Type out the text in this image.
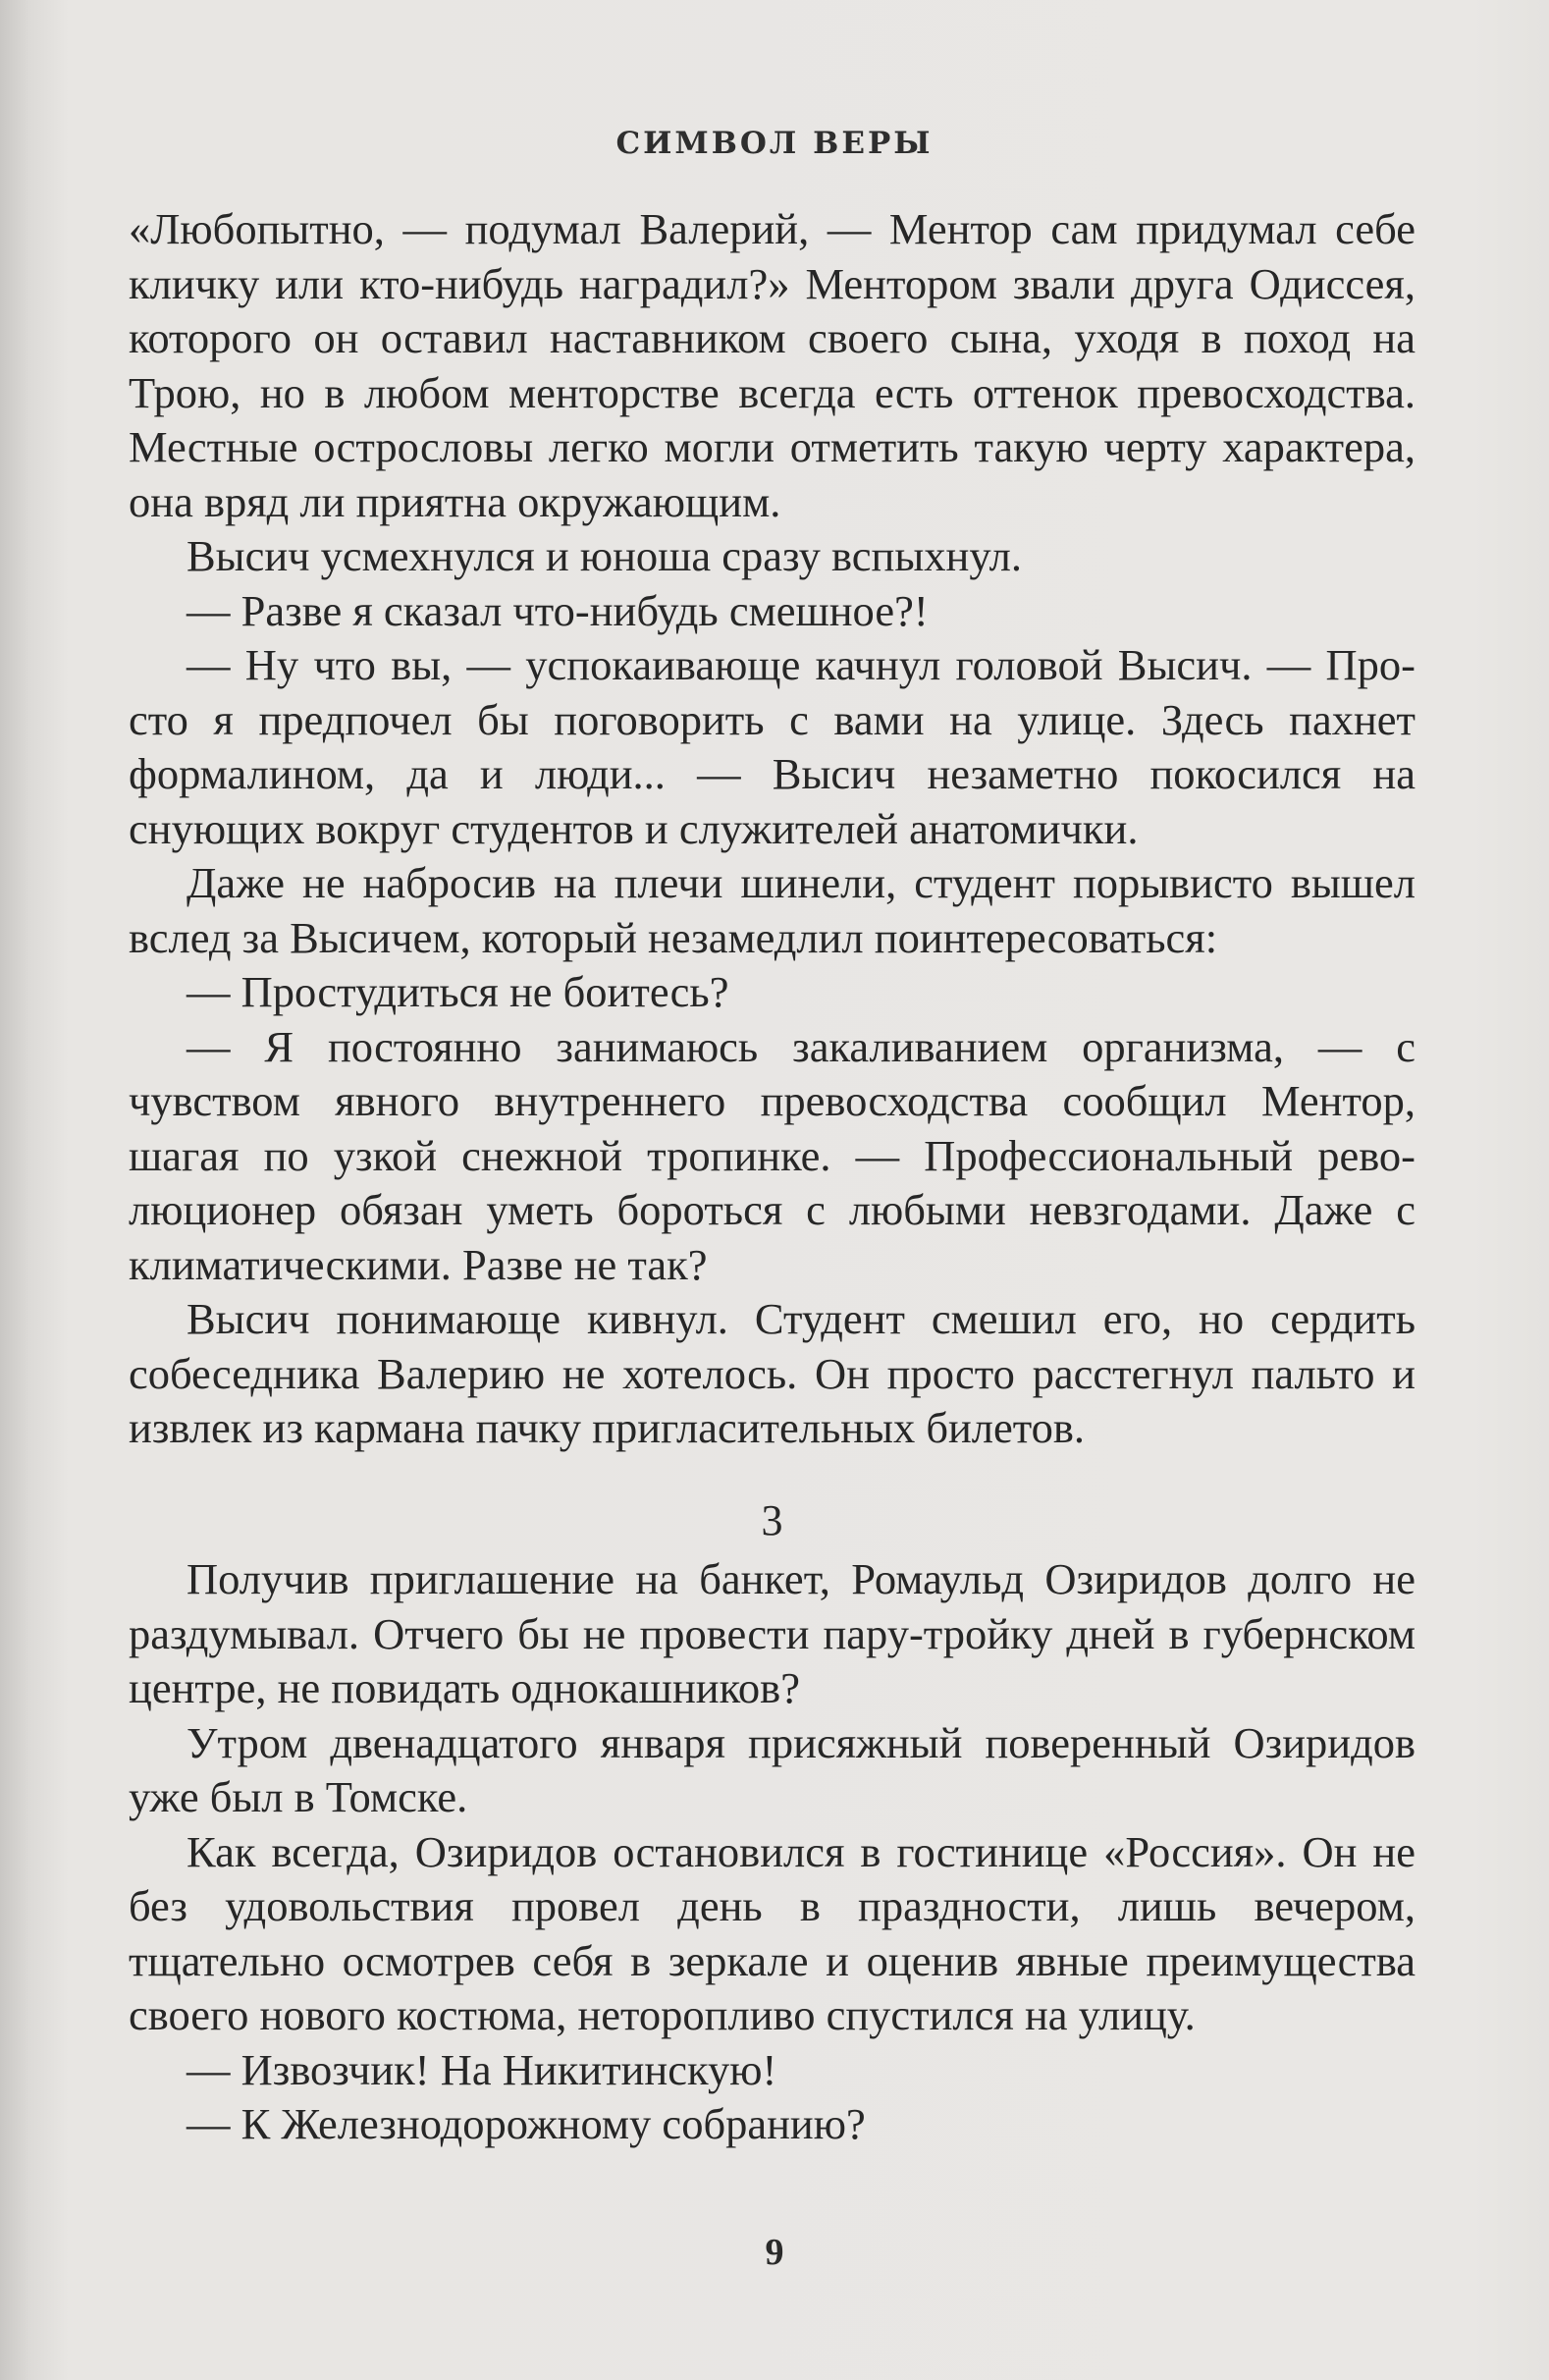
СИМВОЛ ВЕРЫ

«Любопытно, — подумал Валерий, — Ментор сам придумал себе кличку или кто-нибудь наградил?» Ментором звали друга Одиссея, которого он оставил наставником своего сына, уходя в поход на Трою, но в любом менторстве всегда есть оттенок превосходства. Местные острословы легко могли отметить такую черту характера, она вряд ли приятна окружающим.

Высич усмехнулся и юноша сразу вспыхнул.

— Разве я сказал что-нибудь смешное?!

— Ну что вы, — успокаивающе качнул головой Высич. — Просто я предпочел бы поговорить с вами на улице. Здесь пахнет формалином, да и люди... — Высич незаметно покосился на снующих вокруг студентов и служителей анатомички.

Даже не набросив на плечи шинели, студент порывисто вышел вслед за Высичем, который незамедлил поинтересоваться:

— Простудиться не боитесь?

— Я постоянно занимаюсь закаливанием организма, — с чувством явного внутреннего превосходства сообщил Ментор, шагая по узкой снежной тропинке. — Профессиональный революционер обязан уметь бороться с любыми невзгодами. Даже с климатическими. Разве не так?

Высич понимающе кивнул. Студент смешил его, но сердить собеседника Валерию не хотелось. Он просто расстегнул пальто и извлек из кармана пачку пригласительных билетов.

3

Получив приглашение на банкет, Ромаульд Озиридов долго не раздумывал. Отчего бы не провести пару-тройку дней в губернском центре, не повидать однокашников?

Утром двенадцатого января присяжный поверенный Озиридов уже был в Томске.

Как всегда, Озиридов остановился в гостинице «Россия». Он не без удовольствия провел день в праздности, лишь вечером, тщательно осмотрев себя в зеркале и оценив явные преимущества своего нового костюма, неторопливо спустился на улицу.

— Извозчик! На Никитинскую!

— К Железнодорожному собранию?

9
